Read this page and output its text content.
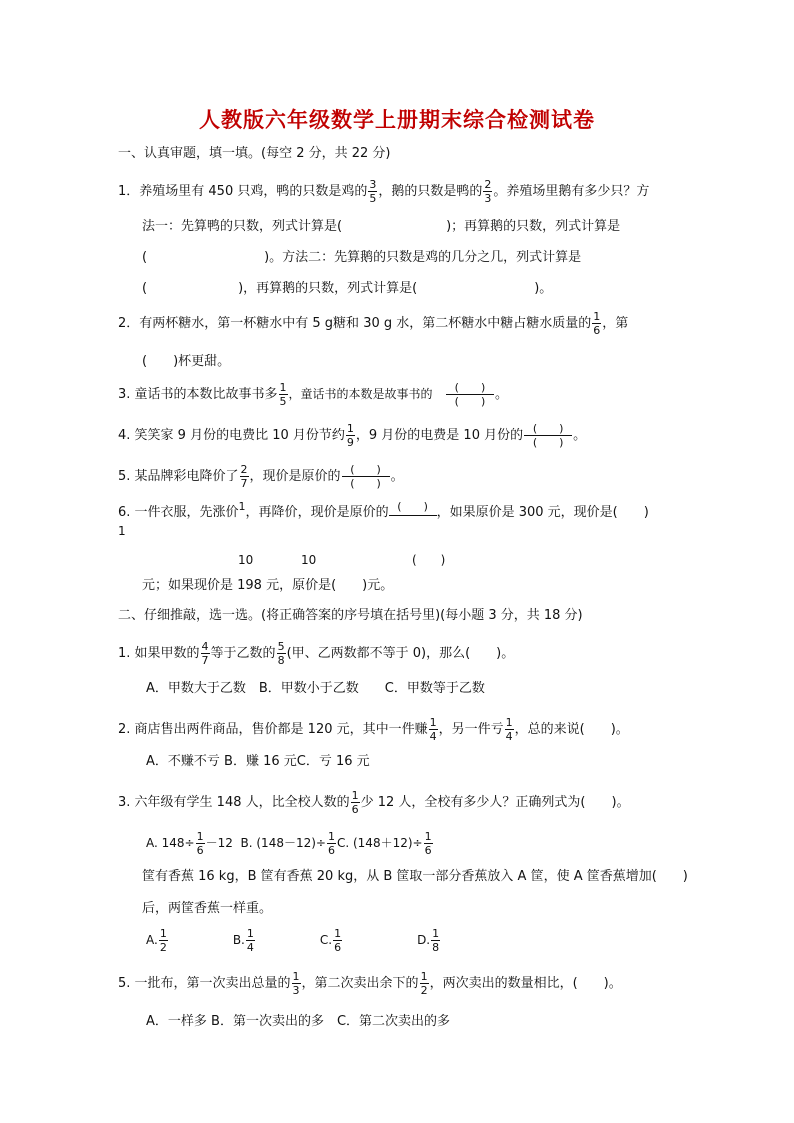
人教版六年级数学上册期末综合检测试卷
一、认真审题，填一填。(每空 2 分，共 22 分)
1．养殖场里有 450 只鸡，鸭的只数是鸡的 $\frac{3}{5}$ ，鹅的只数是鸭的 $\frac{2}{3}$ 。养殖场里鹅有多少只？方
法一：先算鸭的只数，列式计算是(　　　　　　　　)；再算鹅的只数，列式计算是
(　　　　　　　　　)。方法二：先算鹅的只数是鸡的几分之几，列式计算是
(　　　　　　　)，再算鹅的只数，列式计算是(　　　　　　　　　)。
2．有两杯糖水，第一杯糖水中有 5 g糖和 30 g 水，第二杯糖水中糖占糖水质量的 $\frac{1}{6}$ ，第
(　　)杯更甜。
3. 童话书的本数比故事书多 $\frac{1}{5}$ ，童话书的本数是故事书的 $\frac{( )}{( )}$ 。
4. 笑笑家 9 月份的电费比 10 月份节约 $\frac{1}{9}$ ，9 月份的电费是 10 月份的 $\frac{( )}{( )}$ 。
5. 某品牌彩电降价了 $\frac{2}{7}$ ，现价是原价的 $\frac{( )}{( )}$ 。
6. 一件衣服，先涨价$^1$，再降价，现价是原价的 (　　) ，如果原价是 300 元，现价是(　　)
1
10	10	(　　)
元；如果现价是 198 元，原价是(　　)元。
二、仔细推敲，选一选。(将正确答案的序号填在括号里)(每小题 3 分，共 18 分)
1. 如果甲数的 $\frac{4}{7}$ 等于乙数的 $\frac{5}{8}$ (甲、乙两数都不等于 0)，那么(　　)。
A．甲数大于乙数　B．甲数小于乙数　　C．甲数等于乙数
2. 商店售出两件商品，售价都是 120 元，其中一件赚 $\frac{1}{4}$ ，另一件亏 $\frac{1}{4}$ ，总的来说(　　)。
A．不赚不亏 B．赚 16 元C．亏 16 元
3. 六年级有学生 148 人，比全校人数的 $\frac{1}{6}$ 少 12 人，全校有多少人？正确列式为(　　)。
A. $148\div \frac{1}{6} -12$ B. $(148-12)\div \frac{1}{6} C$. $(148+12)\div \frac{1}{6}$
筐有香蕉 16 kg，B 筐有香蕉 20 kg，从 B 筐取一部分香蕉放入 A 筐，使 A 筐香蕉增加(　　)
后，两筐香蕉一样重。
A. $\frac{1}{2}$	B. $\frac{1}{4}$	C. $\frac{1}{6}$	D. $\frac{1}{8}$
5. 一批布，第一次卖出总量的 $\frac{1}{3}$ ，第二次卖出余下的 $\frac{1}{2}$ ，两次卖出的数量相比，(　　)。
A．一样多 B．第一次卖出的多　C．第二次卖出的多
